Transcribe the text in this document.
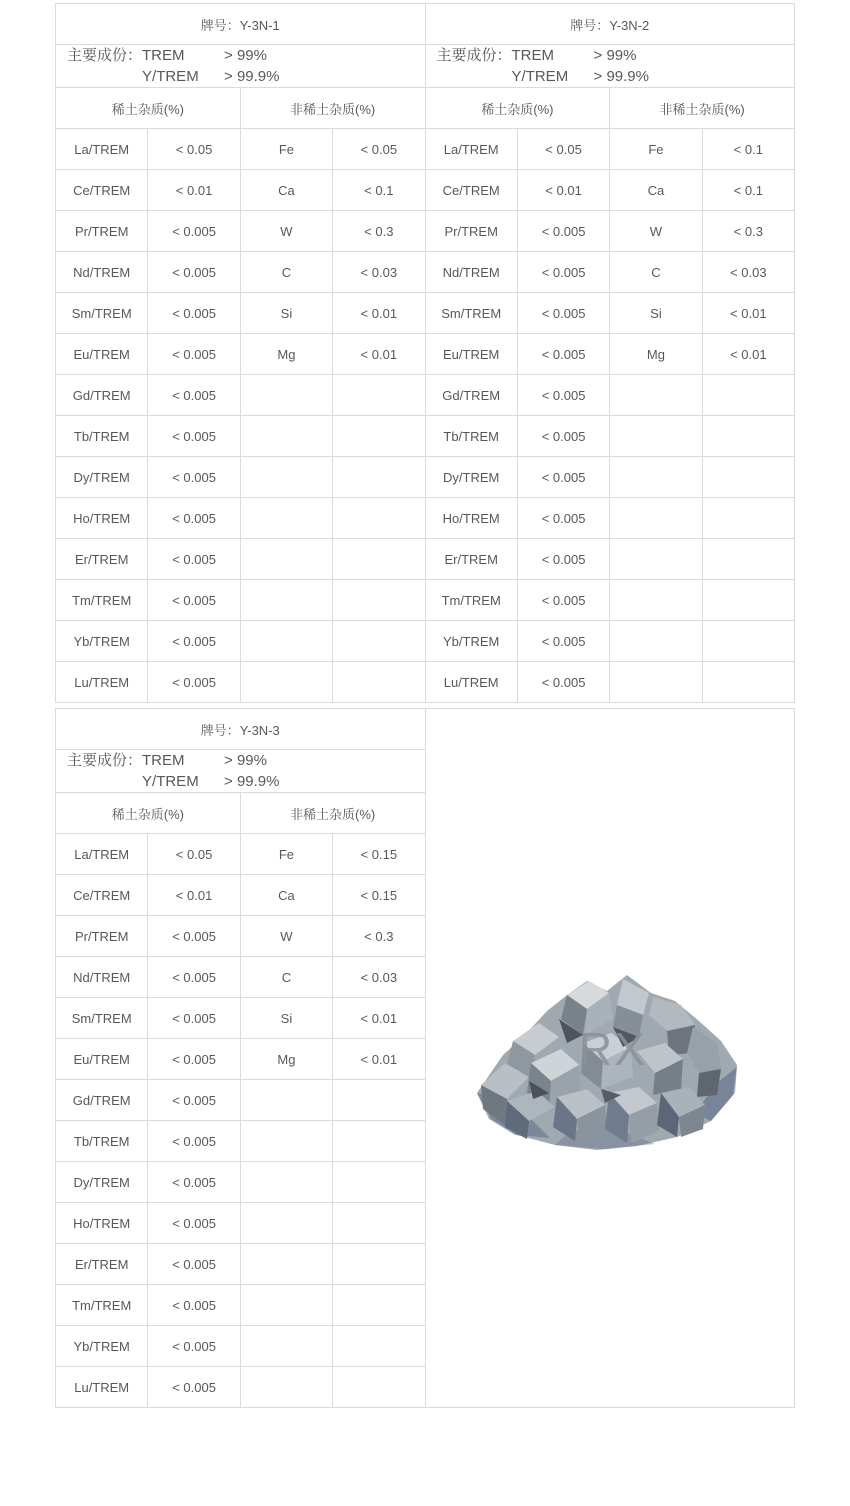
牌号：Y-3N-1			

主要成份： TREM > 99%
Y/TREM > 99.9%			

稀土杂质(%)		非稀土杂质(%)	
La/TREM	< 0.05	Fe	< 0.05
Ce/TREM	< 0.01	Ca	< 0.1
Pr/TREM	< 0.005	W	< 0.3
Nd/TREM	< 0.005	C	< 0.03
Sm/TREM	< 0.005	Si	< 0.01
Eu/TREM	< 0.005	Mg	< 0.01
Gd/TREM	< 0.005		
Tb/TREM	< 0.005		
Dy/TREM	< 0.005		
Ho/TREM	< 0.005		
Er/TREM	< 0.005		
Tm/TREM	< 0.005		
Yb/TREM	< 0.005		
Lu/TREM	< 0.005		
牌号：Y-3N-2			

主要成份： TREM > 99%
Y/TREM > 99.9%			

稀土杂质(%)		非稀土杂质(%)	
La/TREM	< 0.05	Fe	< 0.1
Ce/TREM	< 0.01	Ca	< 0.1
Pr/TREM	< 0.005	W	< 0.3
Nd/TREM	< 0.005	C	< 0.03
Sm/TREM	< 0.005	Si	< 0.01
Eu/TREM	< 0.005	Mg	< 0.01
Gd/TREM	< 0.005		
Tb/TREM	< 0.005		
Dy/TREM	< 0.005		
Ho/TREM	< 0.005		
Er/TREM	< 0.005		
Tm/TREM	< 0.005		
Yb/TREM	< 0.005		
Lu/TREM	< 0.005		
牌号：Y-3N-3			

主要成份： TREM > 99%
Y/TREM > 99.9%			

稀土杂质(%)		非稀土杂质(%)	
La/TREM	< 0.05	Fe	< 0.15
Ce/TREM	< 0.01	Ca	< 0.15
Pr/TREM	< 0.005	W	< 0.3
Nd/TREM	< 0.005	C	< 0.03
Sm/TREM	< 0.005	Si	< 0.01
Eu/TREM	< 0.005	Mg	< 0.01
Gd/TREM	< 0.005		
Tb/TREM	< 0.005		
Dy/TREM	< 0.005		
Ho/TREM	< 0.005		
Er/TREM	< 0.005		
Tm/TREM	< 0.005		
Yb/TREM	< 0.005		
Lu/TREM	< 0.005		
RX
